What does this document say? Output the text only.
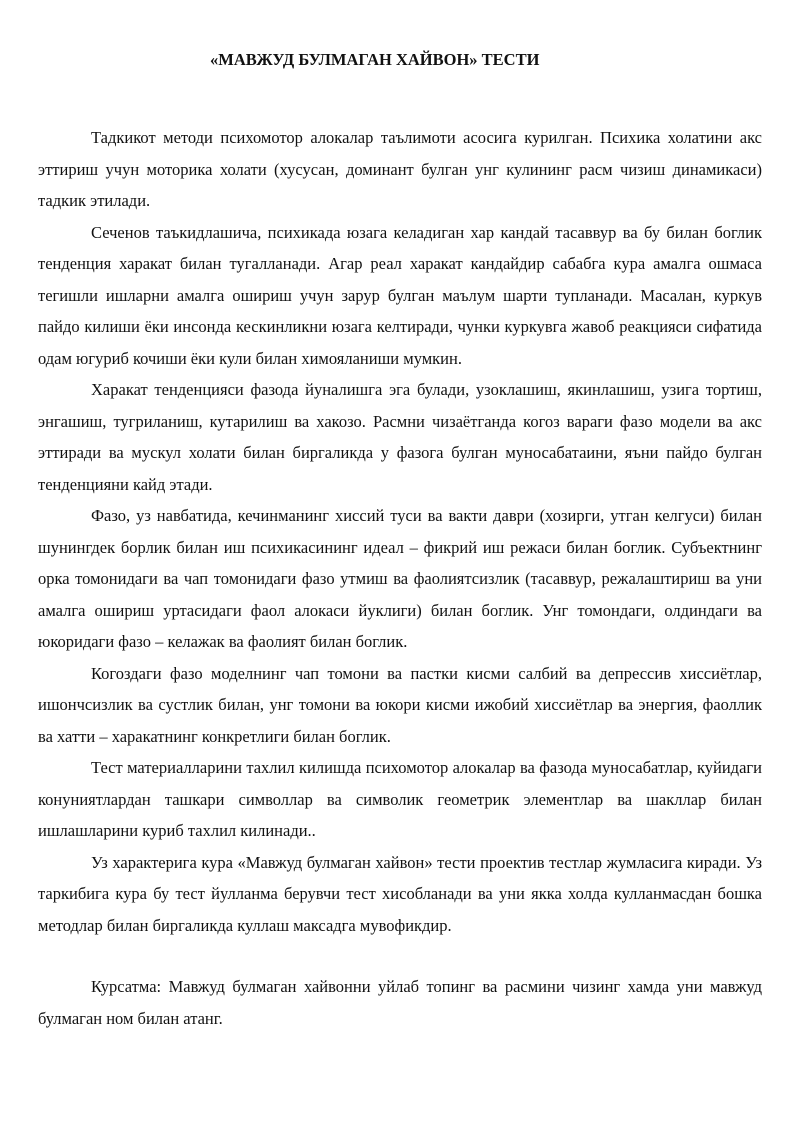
«МАВЖУД БУЛМАГАН ХАЙВОН» ТЕСТИ

Тадкикот методи психомотор алокалар таълимоти асосига курилган. Психика холатини акс эттириш учун моторика холати (хусусан, доминант булган унг кулининг расм чизиш динамикаси) тадкик этилади.

Сеченов таъкидлашича, психикада юзага келадиган хар кандай тасаввур ва бу билан боглик тенденция харакат билан тугалланади. Агар реал харакат кандайдир сабабга кура амалга ошмаса тегишли ишларни амалга ошириш учун зарур булган маълум шарти тупланади. Масалан, куркув пайдо килиши ёки инсонда кескинликни юзага келтиради, чунки куркувга жавоб реакцияси сифатида одам югуриб кочиши ёки кули билан химояланиши мумкин.

Харакат тенденцияси фазода йуналишга эга булади, узоклашиш, якинлашиш, узига тортиш, энгашиш, тугриланиш, кутарилиш ва хакозо. Расмни чизаётганда когоз вараги фазо модели ва акс эттиради ва мускул холати билан биргаликда у фазога булган муносабатаини, яъни пайдо булган тенденцияни кайд этади.

Фазо, уз навбатида, кечинманинг хиссий туси ва вакти даври (хозирги, утган келгуси) билан шунингдек борлик билан иш психикасининг идеал – фикрий иш режаси билан боглик. Субъектнинг орка томонидаги ва чап томонидаги фазо утмиш ва фаолиятсизлик (тасаввур, режалаштириш ва уни амалга ошириш уртасидаги фаол алокаси йуклиги) билан боглик. Унг томондаги, олдиндаги ва юкоридаги фазо – келажак ва фаолият билан боглик.

Когоздаги фазо моделнинг чап томони ва пастки кисми салбий ва депрессив хиссиётлар, ишончсизлик ва сустлик билан, унг томони ва юкори кисми ижобий хиссиётлар ва энергия, фаоллик ва хатти – харакатнинг конкретлиги билан боглик.

Тест материалларини тахлил килишда психомотор алокалар ва фазода муносабатлар, куйидаги конуниятлардан ташкари символлар ва символик геометрик элементлар ва шакллар билан ишлашларини куриб тахлил килинади..

Уз характерига кура «Мавжуд булмаган хайвон» тести проектив тестлар жумласига киради. Уз таркибига кура бу тест йулланма берувчи тест хисобланади ва уни якка холда кулланмасдан бошка методлар билан биргаликда куллаш максадга мувофикдир.

Курсатма: Мавжуд булмаган хайвонни уйлаб топинг ва расмини чизинг хамда уни мавжуд булмаган ном билан атанг.
